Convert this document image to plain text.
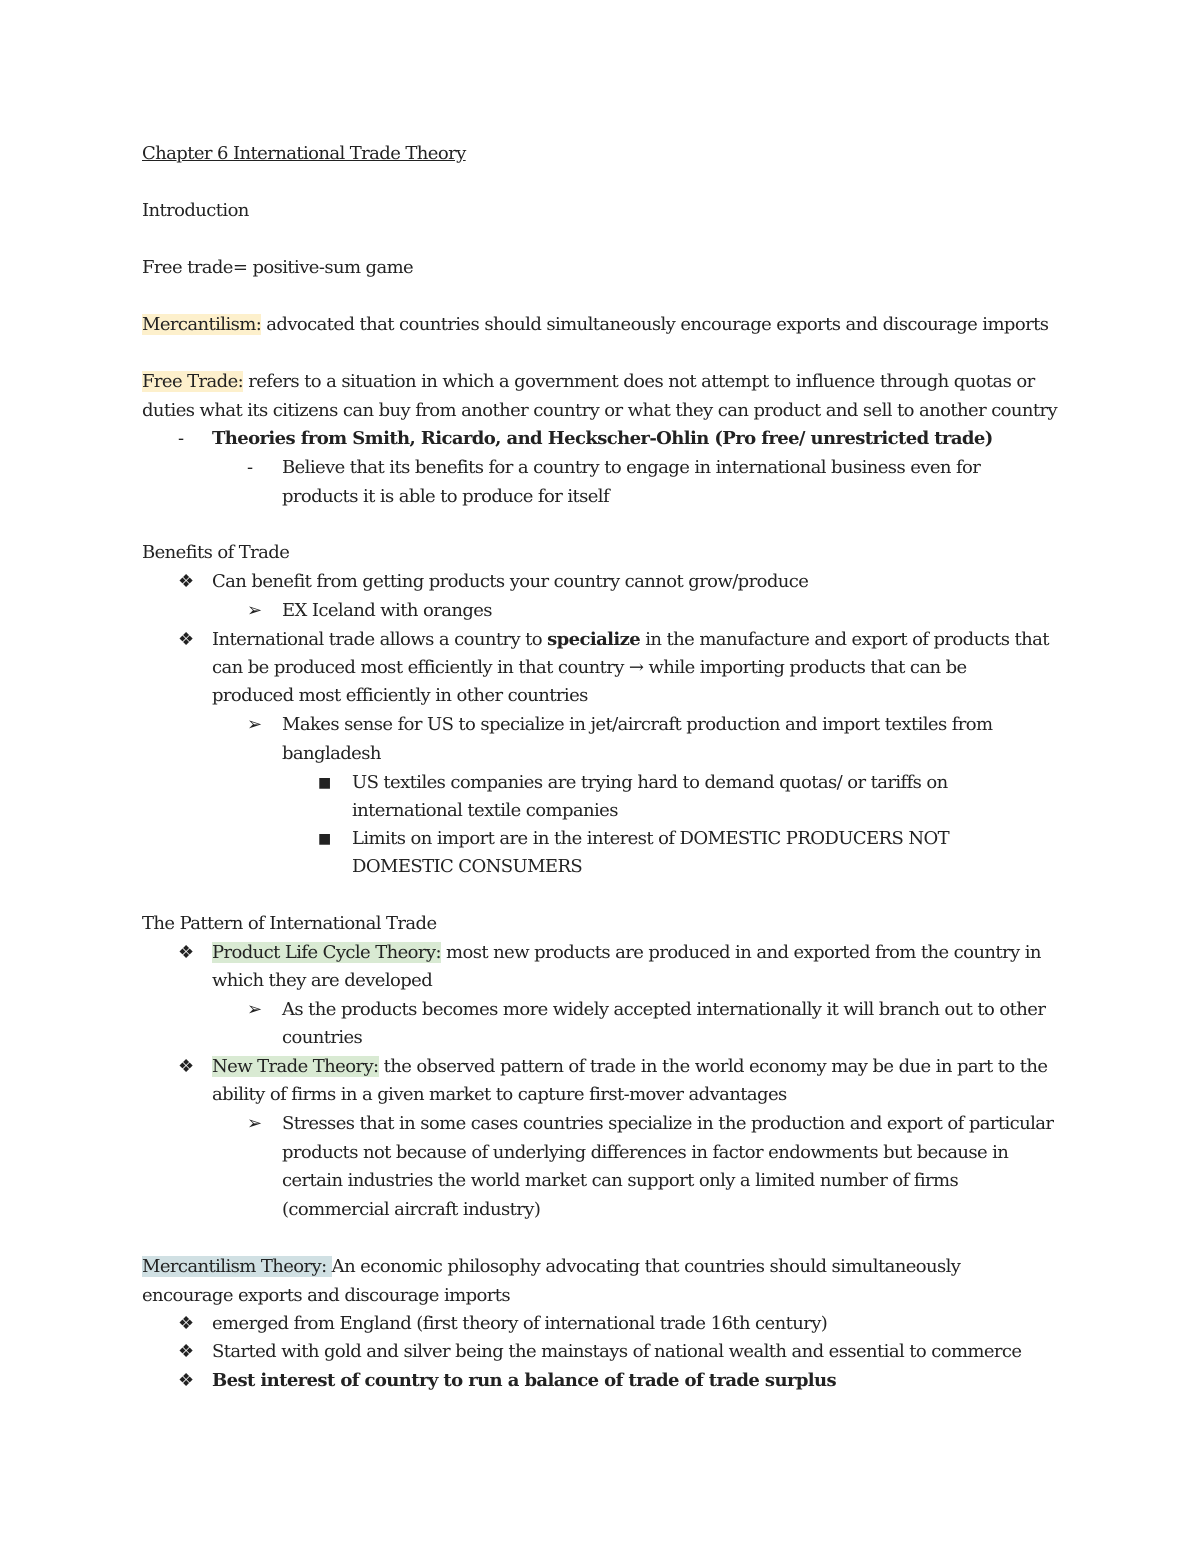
Chapter 6 International Trade Theory
Introduction
Free trade= positive-sum game
Mercantilism: advocated that countries should simultaneously encourage exports and discourage imports
Free Trade: refers to a situation in which a government does not attempt to influence through quotas or
duties what its citizens can buy from another country or what they can product and sell to another country
-	Theories from Smith, Ricardo, and Heckscher-Ohlin (Pro free/ unrestricted trade)
-	Believe that its benefits for a country to engage in international business even for
products it is able to produce for itself
Benefits of Trade
❖ Can benefit from getting products your country cannot grow/produce
➢	EX Iceland with oranges
❖ International trade allows a country to specialize in the manufacture and export of products that
can be produced most efficiently in that country → while importing products that can be
produced most efficiently in other countries
➢	Makes sense for US to specialize in jet/aircraft production and import textiles from
bangladesh
■	US textiles companies are trying hard to demand quotas/ or tariffs on
international textile companies
■	Limits on import are in the interest of DOMESTIC PRODUCERS NOT
DOMESTIC CONSUMERS
The Pattern of International Trade
❖ Product Life Cycle Theory: most new products are produced in and exported from the country in
which they are developed
➢	As the products becomes more widely accepted internationally it will branch out to other
countries
❖ New Trade Theory: the observed pattern of trade in the world economy may be due in part to the
ability of firms in a given market to capture first-mover advantages
➢	Stresses that in some cases countries specialize in the production and export of particular
products not because of underlying differences in factor endowments but because in
certain industries the world market can support only a limited number of firms
(commercial aircraft industry)
Mercantilism Theory: An economic philosophy advocating that countries should simultaneously
encourage exports and discourage imports
❖ emerged from England (first theory of international trade 16th century)
❖ Started with gold and silver being the mainstays of national wealth and essential to commerce
❖ Best interest of country to run a balance of trade of trade surplus
